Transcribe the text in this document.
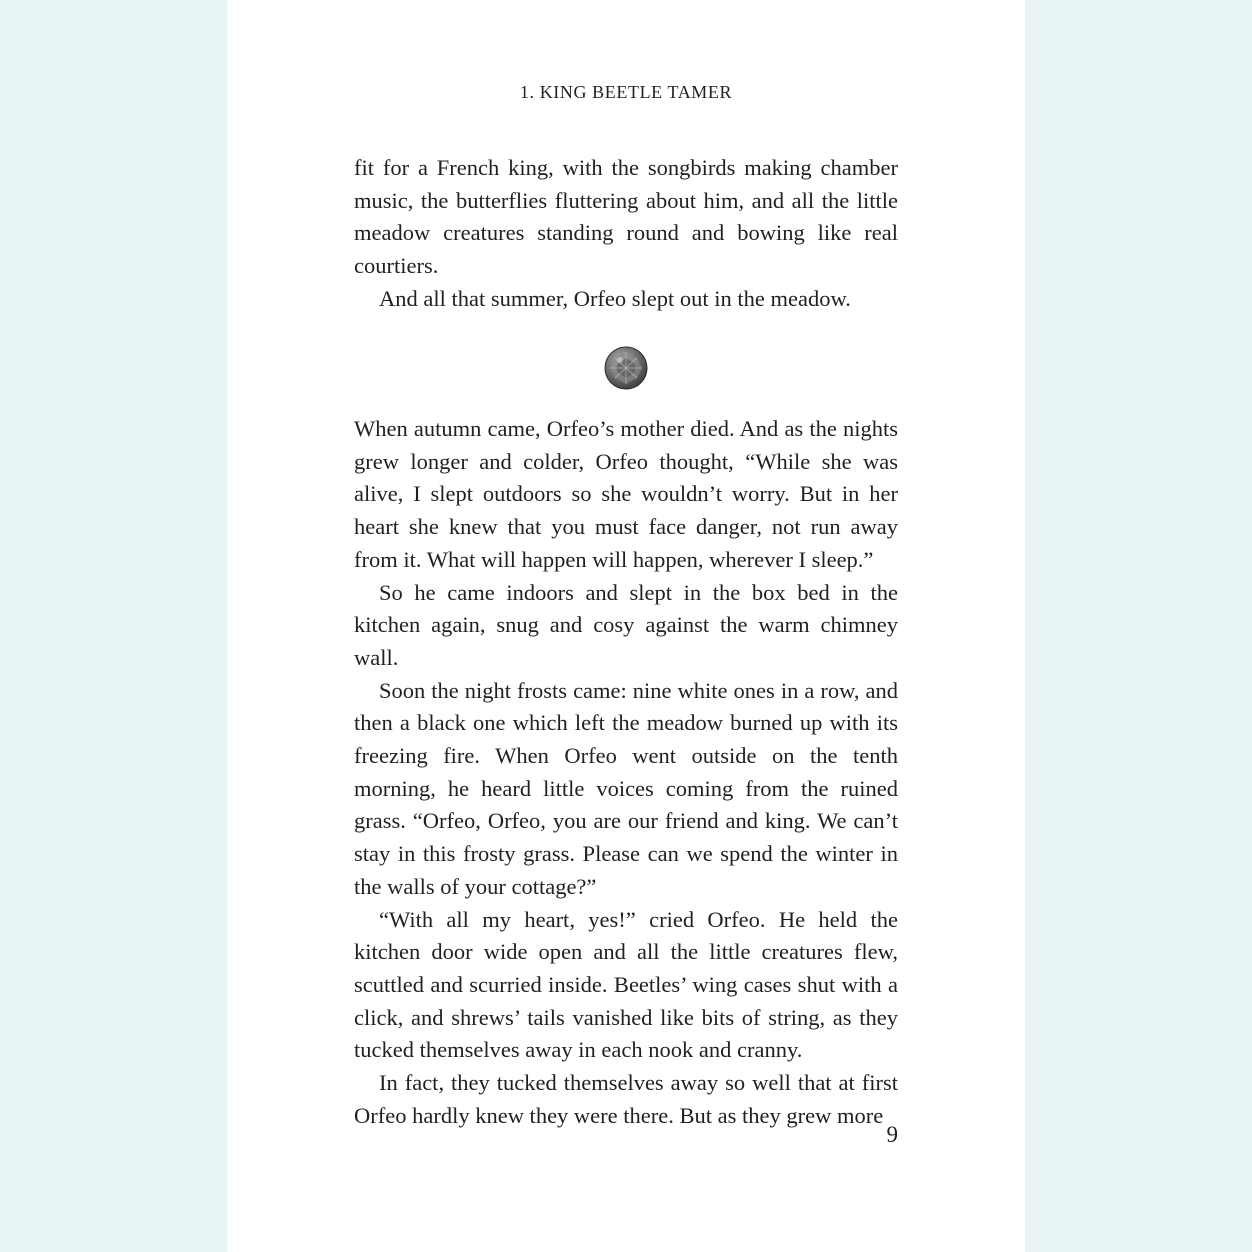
1. KING BEETLE TAMER

fit for a French king, with the songbirds making chamber music, the butterflies fluttering about him, and all the little meadow creatures standing round and bowing like real courtiers.

And all that summer, Orfeo slept out in the meadow.

When autumn came, Orfeo’s mother died. And as the nights grew longer and colder, Orfeo thought, “While she was alive, I slept outdoors so she wouldn’t worry. But in her heart she knew that you must face danger, not run away from it. What will happen will happen, wherever I sleep.”

So he came indoors and slept in the box bed in the kitchen again, snug and cosy against the warm chimney wall.

Soon the night frosts came: nine white ones in a row, and then a black one which left the meadow burned up with its freezing fire. When Orfeo went outside on the tenth morning, he heard little voices coming from the ruined grass. “Orfeo, Orfeo, you are our friend and king. We can’t stay in this frosty grass. Please can we spend the winter in the walls of your cottage?”

“With all my heart, yes!” cried Orfeo. He held the kitchen door wide open and all the little creatures flew, scuttled and scurried inside. Beetles’ wing cases shut with a click, and shrews’ tails vanished like bits of string, as they tucked themselves away in each nook and cranny.

In fact, they tucked themselves away so well that at first Orfeo hardly knew they were there. But as they grew more

9
